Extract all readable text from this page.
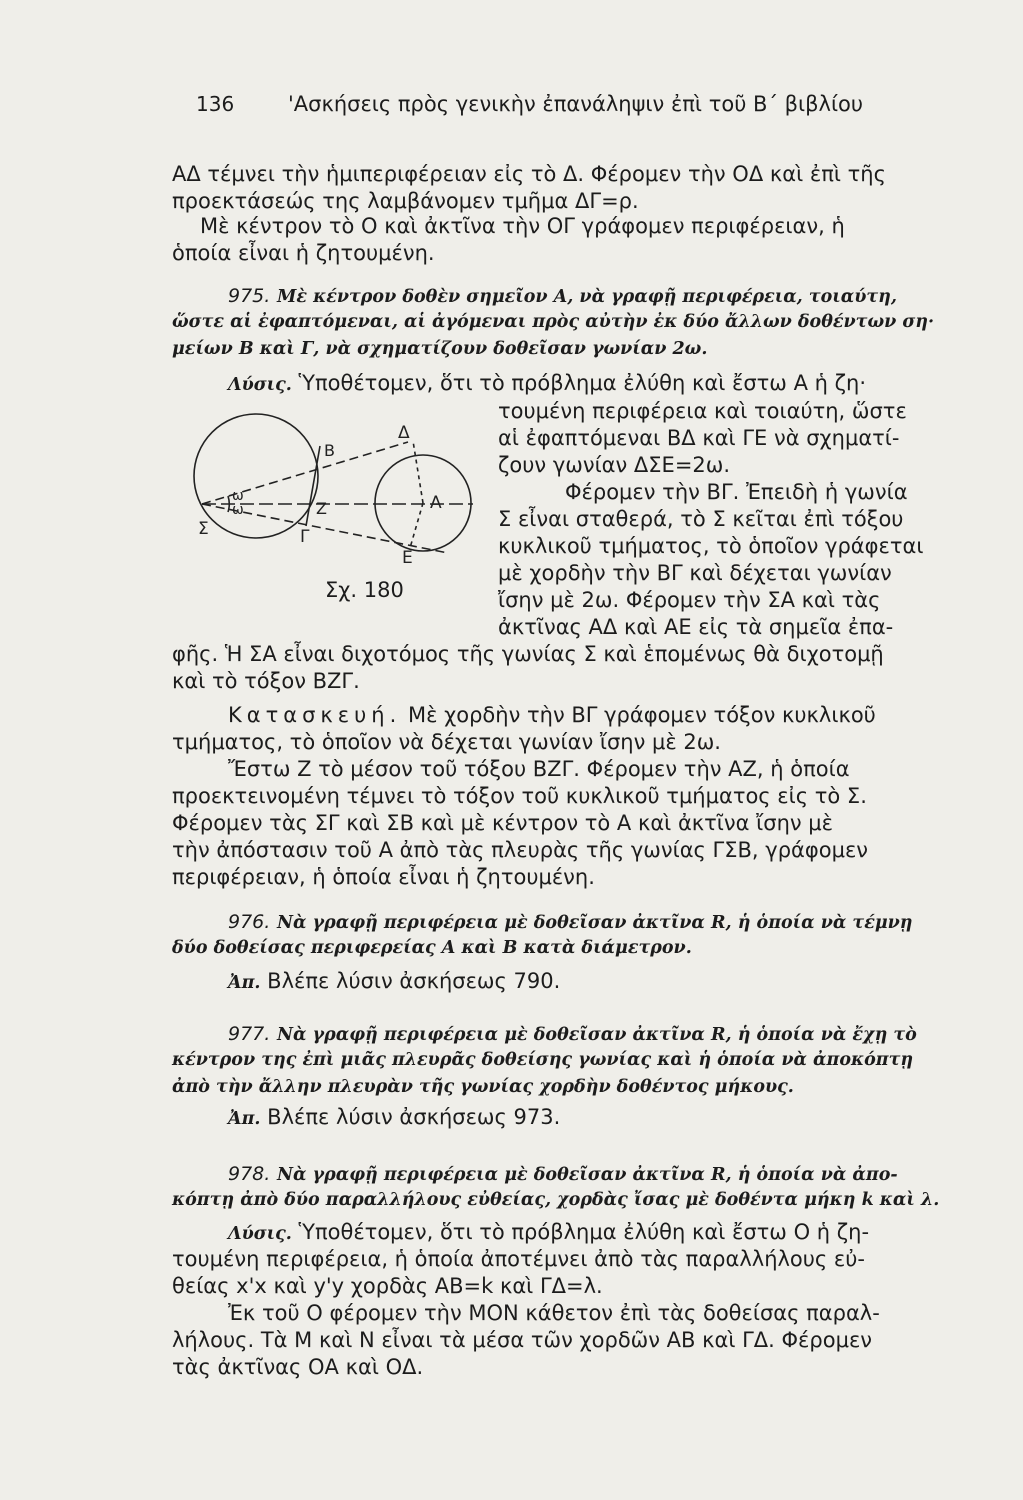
136	'Ασκήσεις πρὸς γενικὴν ἐπανάληψιν ἐπὶ τοῦ Β΄ βιβλίου
ΑΔ τέμνει τὴν ἡμιπεριφέρειαν εἰς τὸ Δ. Φέρομεν τὴν ΟΔ καὶ ἐπὶ τῆς
προεκτάσεώς της λαμβάνομεν τμῆμα ΔΓ=ρ.
Μὲ κέντρον τὸ Ο καὶ ἀκτῖνα τὴν ΟΓ γράφομεν περιφέρειαν, ἡ
ὁποία εἶναι ἡ ζητουμένη.
975. Μὲ κέντρον δοθὲν σημεῖον Α, νὰ γραφῇ περιφέρεια, τοιαύτη,
ὥστε αἱ ἐφαπτόμεναι, αἱ ἀγόμεναι πρὸς αὐτὴν ἐκ δύο ἄλλων δοθέντων ση·
μείων Β καὶ Γ, νὰ σχηματίζουν δοθεῖσαν γωνίαν 2ω.
Λύσις. Ὑποθέτομεν, ὅτι τὸ πρόβλημα ἐλύθη καὶ ἔστω Α ἡ ζη·
τουμένη περιφέρεια καὶ τοιαύτη, ὥστε
αἱ ἐφαπτόμεναι ΒΔ καὶ ΓΕ νὰ σχηματί-
ζουν γωνίαν ΔΣΕ=2ω.
Φέρομεν τὴν ΒΓ. Ἐπειδὴ ἡ γωνία
Σ εἶναι σταθερά, τὸ Σ κεῖται ἐπὶ τόξου
κυκλικοῦ τμήματος, τὸ ὁποῖον γράφεται
μὲ χορδὴν τὴν ΒΓ καὶ δέχεται γωνίαν
ἴσην μὲ 2ω. Φέρομεν τὴν ΣΑ καὶ τὰς
ἀκτῖνας ΑΔ καὶ ΑΕ εἰς τὰ σημεῖα ἐπα-
Β
Δ
Α
Ζ
Γ
Ε
Σ
ω
ω
Σχ. 180
φῆς. Ἡ ΣΑ εἶναι διχοτόμος τῆς γωνίας Σ καὶ ἑπομένως θὰ διχοτομῇ
καὶ τὸ τόξον ΒΖΓ.
Κατασκευή. Μὲ χορδὴν τὴν ΒΓ γράφομεν τόξον κυκλικοῦ
τμήματος, τὸ ὁποῖον νὰ δέχεται γωνίαν ἴσην μὲ 2ω.
Ἔστω Ζ τὸ μέσον τοῦ τόξου ΒΖΓ. Φέρομεν τὴν ΑΖ, ἡ ὁποία
προεκτεινομένη τέμνει τὸ τόξον τοῦ κυκλικοῦ τμήματος εἰς τὸ Σ.
Φέρομεν τὰς ΣΓ καὶ ΣΒ καὶ μὲ κέντρον τὸ Α καὶ ἀκτῖνα ἴσην μὲ
τὴν ἀπόστασιν τοῦ Α ἀπὸ τὰς πλευρὰς τῆς γωνίας ΓΣΒ, γράφομεν
περιφέρειαν, ἡ ὁποία εἶναι ἡ ζητουμένη.
976. Νὰ γραφῇ περιφέρεια μὲ δοθεῖσαν ἀκτῖνα R, ἡ ὁποία νὰ τέμνῃ
δύο δοθείσας περιφερείας Α καὶ Β κατὰ διάμετρον.
Ἀπ. Βλέπε λύσιν ἀσκήσεως 790.
977. Νὰ γραφῇ περιφέρεια μὲ δοθεῖσαν ἀκτῖνα R, ἡ ὁποία νὰ ἔχῃ τὸ
κέντρον της ἐπὶ μιᾶς πλευρᾶς δοθείσης γωνίας καὶ ἡ ὁποία νὰ ἀποκόπτῃ
ἀπὸ τὴν ἄλλην πλευρὰν τῆς γωνίας χορδὴν δοθέντος μήκους.
Ἀπ. Βλέπε λύσιν ἀσκήσεως 973.
978. Νὰ γραφῇ περιφέρεια μὲ δοθεῖσαν ἀκτῖνα R, ἡ ὁποία νὰ ἀπο-
κόπτῃ ἀπὸ δύο παραλλήλους εὐθείας, χορδὰς ἴσας μὲ δοθέντα μήκη k καὶ λ.
Λύσις. Ὑποθέτομεν, ὅτι τὸ πρόβλημα ἐλύθη καὶ ἔστω Ο ἡ ζη-
τουμένη περιφέρεια, ἡ ὁποία ἀποτέμνει ἀπὸ τὰς παραλλήλους εὐ-
θείας x'x καὶ y'y χορδὰς ΑΒ=k καὶ ΓΔ=λ.
Ἐκ τοῦ Ο φέρομεν τὴν ΜΟΝ κάθετον ἐπὶ τὰς δοθείσας παραλ-
λήλους. Τὰ Μ καὶ Ν εἶναι τὰ μέσα τῶν χορδῶν ΑΒ καὶ ΓΔ. Φέρομεν
τὰς ἀκτῖνας ΟΑ καὶ ΟΔ.
